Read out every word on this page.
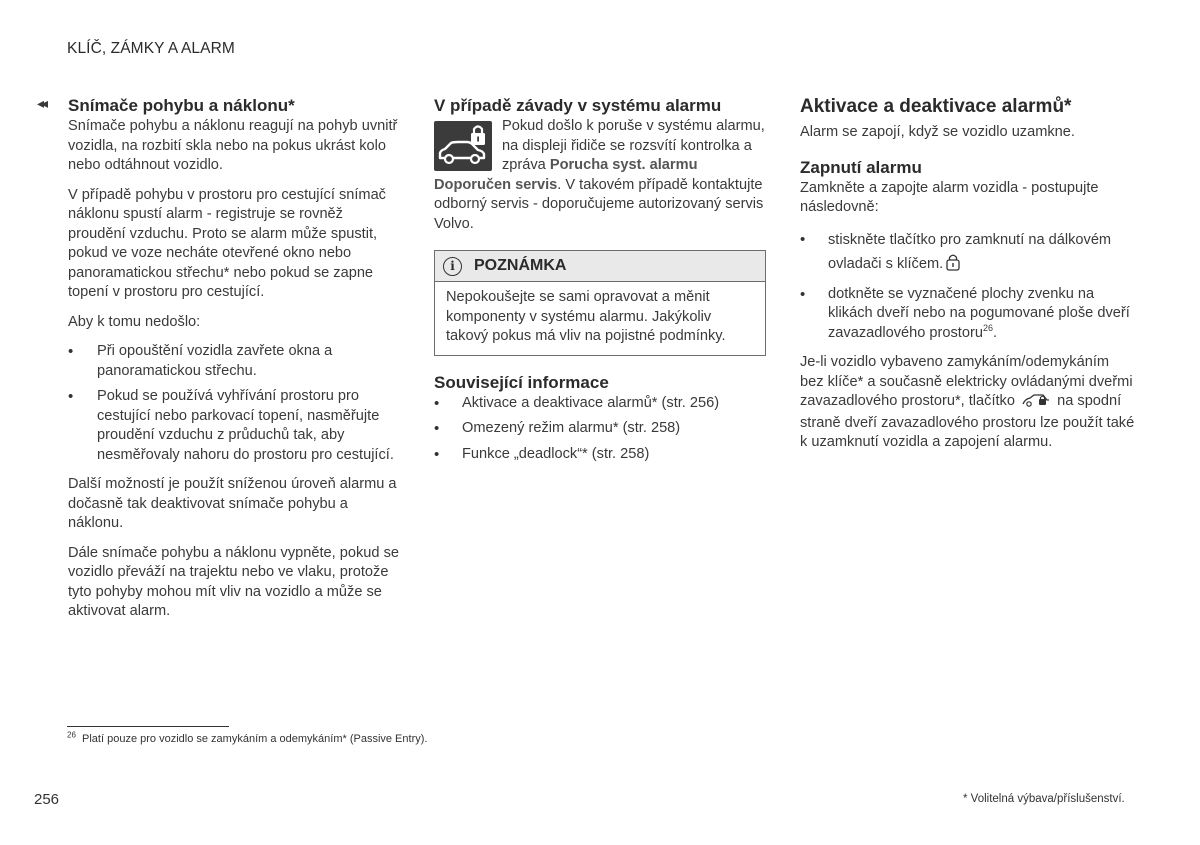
KLÍČ, ZÁMKY A ALARM
◂◂ Snímače pohybu a náklonu*

Snímače pohybu a náklonu reagují na pohyb uvnitř vozidla, na rozbití skla nebo na pokus ukrást kolo nebo odtáhnout vozidlo.

V případě pohybu v prostoru pro cestující snímač náklonu spustí alarm - registruje se rovněž proudění vzduchu. Proto se alarm může spustit, pokud ve voze necháte otevřené okno nebo panoramatickou střechu* nebo pokud se zapne topení v prostoru pro cestující.

Aby k tomu nedošlo:

• Při opouštění vozidla zavřete okna a panoramatickou střechu.
• Pokud se používá vyhřívání prostoru pro cestující nebo parkovací topení, nasměřujte proudění vzduchu z průduchů tak, aby nesměřovaly nahoru do prostoru pro cestující.

Další možností je použít sníženou úroveň alarmu a dočasně tak deaktivovat snímače pohybu a náklonu.

Dále snímače pohybu a náklonu vypněte, pokud se vozidlo převáží na trajektu nebo ve vlaku, protože tyto pohyby mohou mít vliv na vozidlo a může se aktivovat alarm.

V případě závady v systému alarmu
Pokud došlo k poruše v systému alarmu, na displeji řidiče se rozsvítí kontrolka a zpráva Porucha syst. alarmu Doporučen servis. V takovém případě kontaktujte odborný servis - doporučujeme autorizovaný servis Volvo.
i	POZNÁMKA
Nepokoušejte se sami opravovat a měnit komponenty v systému alarmu. Jakýkoliv takový pokus má vliv na pojistné podmínky.
Související informace
• Aktivace a deaktivace alarmů* (str. 256)
• Omezený režim alarmu* (str. 258)
• Funkce „deadlock“* (str. 258)
Aktivace a deaktivace alarmů*

Alarm se zapojí, když se vozidlo uzamkne.

Zapnutí alarmu

Zamkněte a zapojte alarm vozidla - postupujte následovně:

• stiskněte tlačítko pro zamknutí na dálkovém ovladači s klíčem.
• dotkněte se vyznačené plochy zvenku na klikách dveří nebo na pogumované ploše dveří zavazadlového prostoru$^{26}$.

Je-li vozidlo vybaveno zamykáním/odemykáním bez klíče* a současně elektricky ovládanými dveřmi zavazadlového prostoru*, tlačítko	na spodní straně dveří zavazadlového prostoru lze použít také k uzamknutí vozidla a zapojení alarmu.

$^{26}$ Platí pouze pro vozidlo se zamykáním a odemykáním* (Passive Entry).
256	* Volitelná výbava/příslušenství.
